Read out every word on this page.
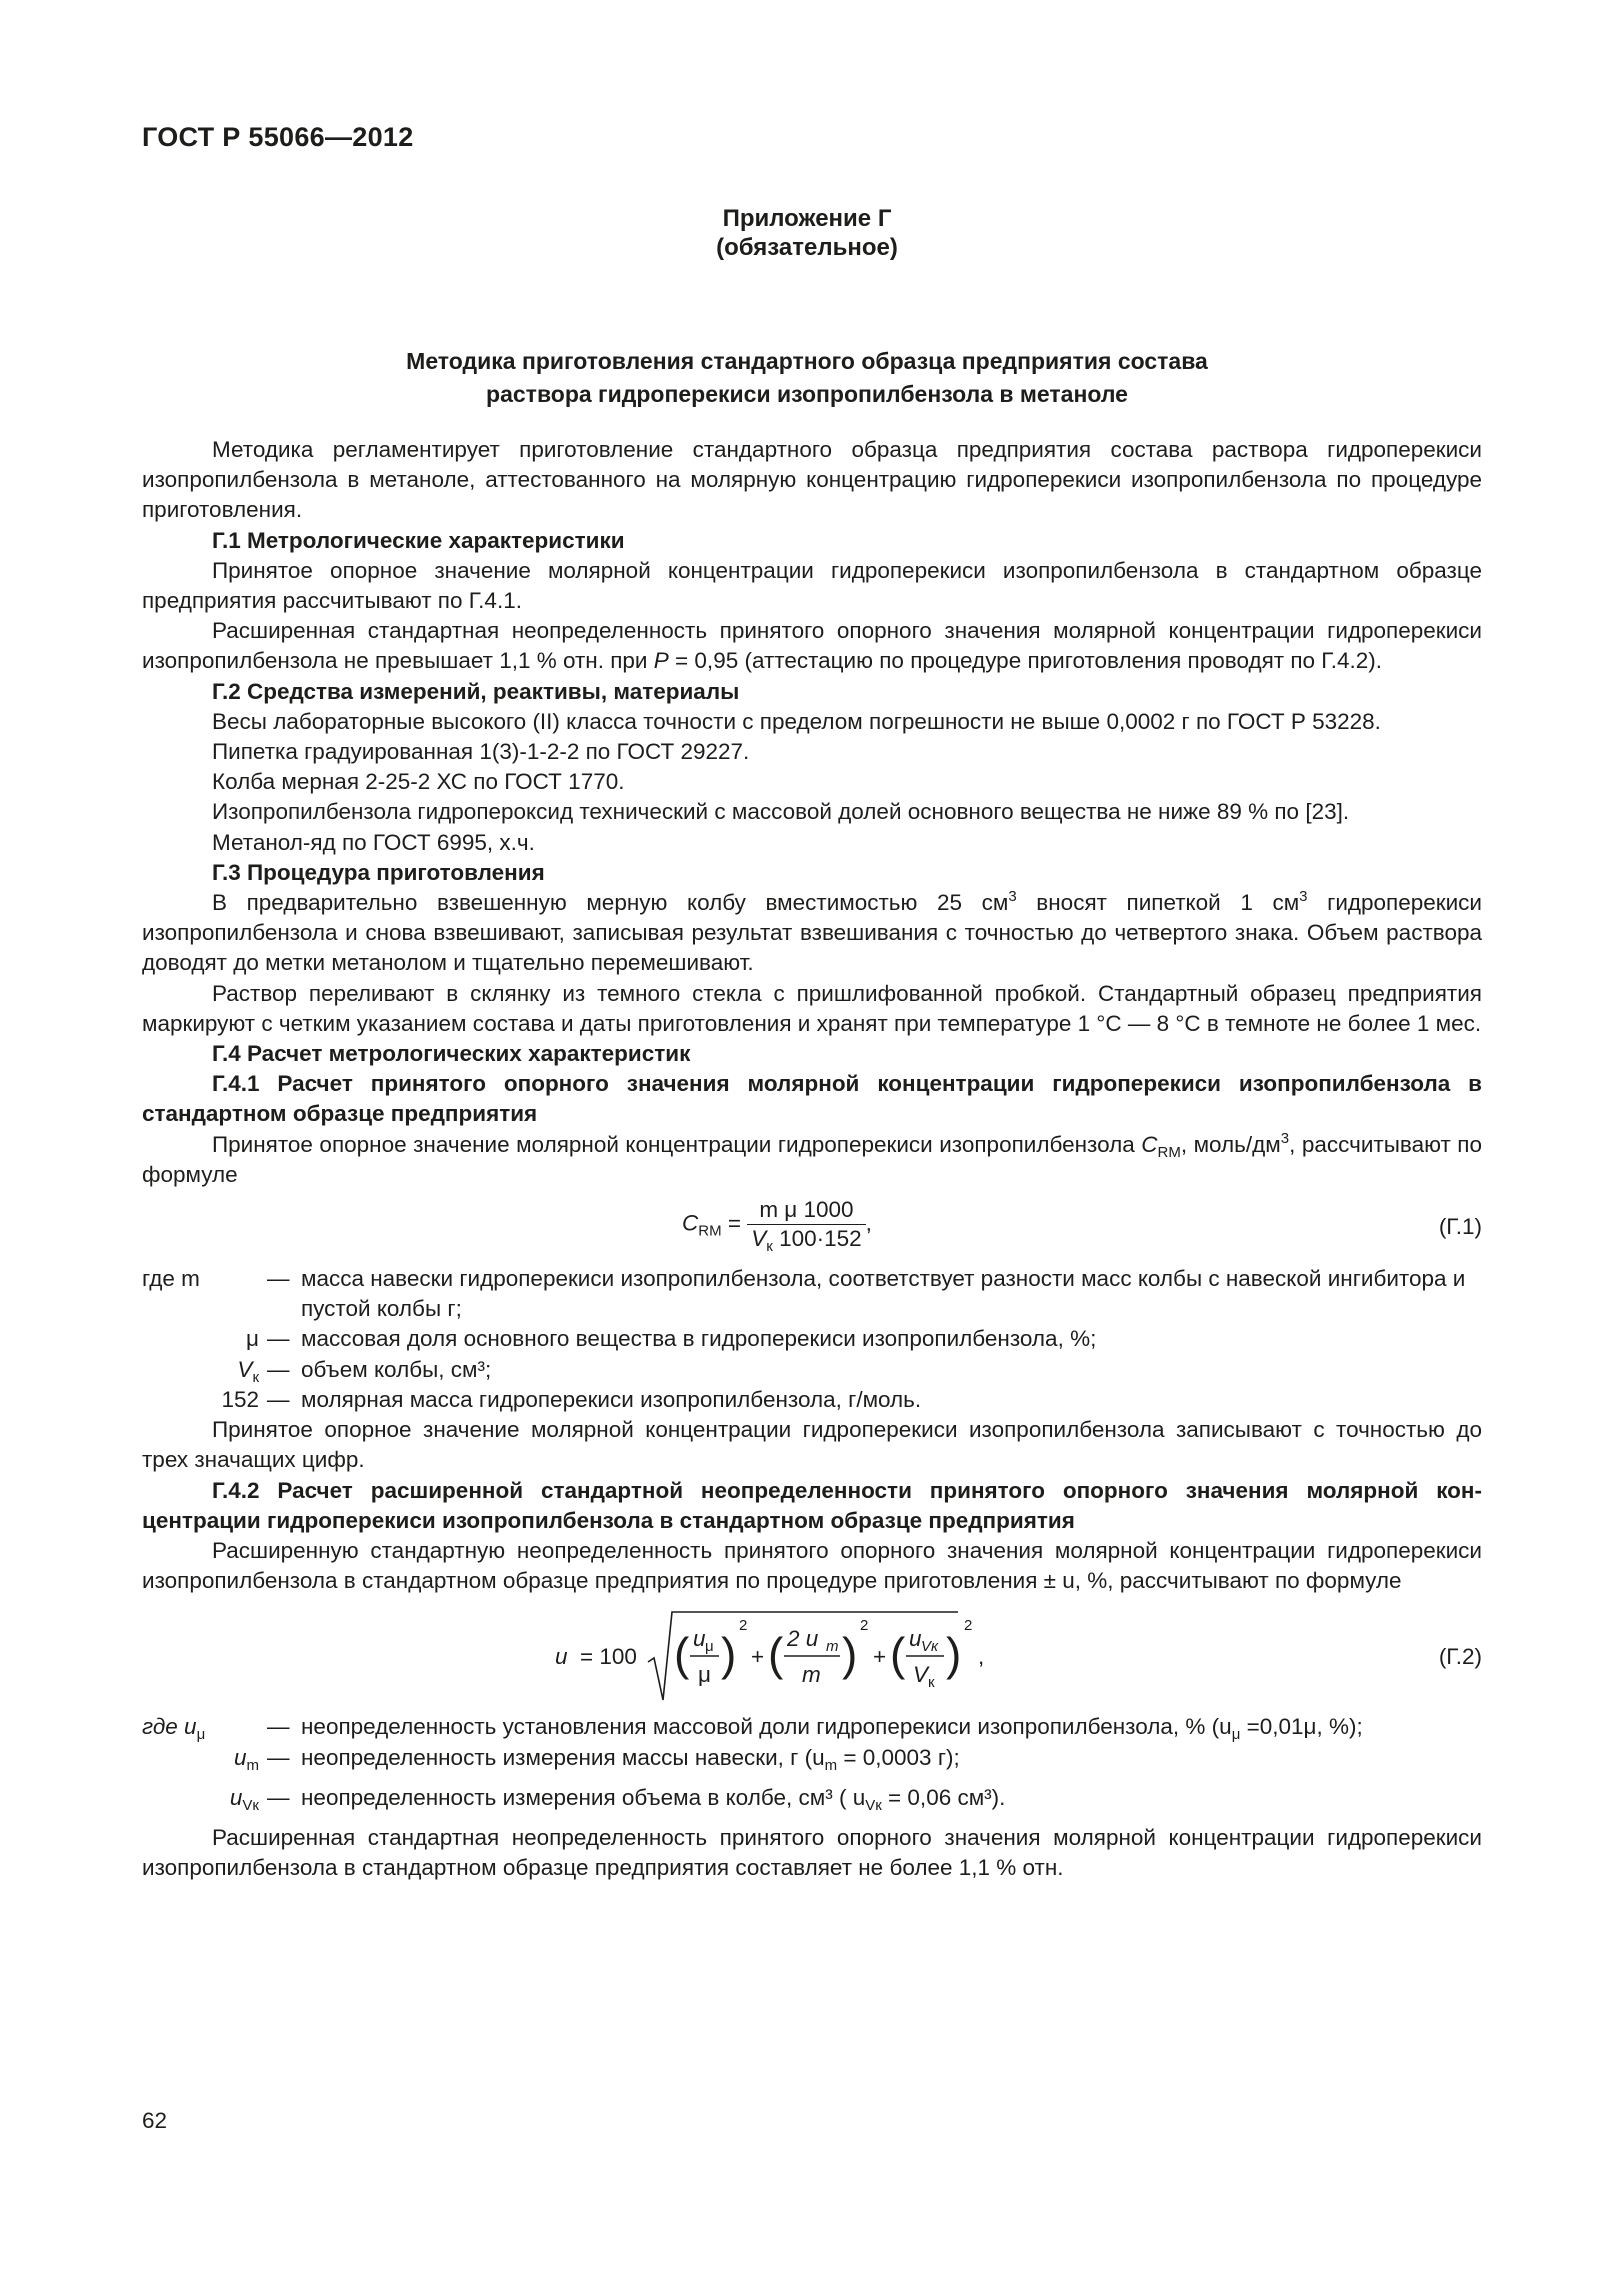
ГОСТ Р 55066—2012
Приложение Г
(обязательное)
Методика приготовления стандартного образца предприятия состава
раствора гидроперекиси изопропилбензола в метаноле

Методика регламентирует приготовление стандартного образца предприятия состава раствора гидроперекиси изопропилбензола в метаноле, аттестованного на молярную концентрацию гидроперекиси изопропилбензола по процедуре приготовления.

Г.1 Метрологические характеристики

Принятое опорное значение молярной концентрации гидроперекиси изопропилбензола в стандартном образце предприятия рассчитывают по Г.4.1.

Расширенная стандартная неопределенность принятого опорного значения молярной концентрации гидроперекиси изопропилбензола не превышает 1,1 % отн. при P = 0,95 (аттестацию по процедуре приготовления проводят по Г.4.2).

Г.2 Средства измерений, реактивы, материалы

Весы лабораторные высокого (II) класса точности с пределом погрешности не выше 0,0002 г по ГОСТ Р 53228.

Пипетка градуированная 1(3)-1-2-2 по ГОСТ 29227.

Колба мерная 2-25-2 ХС по ГОСТ 1770.

Изопропилбензола гидропероксид технический с массовой долей основного вещества не ниже 89 % по [23].

Метанол-яд по ГОСТ 6995, х.ч.

Г.3 Процедура приготовления

В предварительно взвешенную мерную колбу вместимостью 25 $см^3$ вносят пипеткой 1 $см^3$ гидроперекиси изопропилбензола и снова взвешивают, записывая результат взвешивания с точностью до четвертого знака. Объем раствора доводят до метки метанолом и тщательно перемешивают.

Раствор переливают в склянку из темного стекла с пришлифованной пробкой. Стандартный образец предприятия маркируют с четким указанием состава и даты приготовления и хранят при температуре 1 °С — 8 °С в темноте не более 1 мес.

Г.4 Расчет метрологических характеристик

Г.4.1 Расчет принятого опорного значения молярной концентрации гидроперекиси изопропилбензола в стандартном образце предприятия

Принятое опорное значение молярной концентрации гидроперекиси изопропилбензола $C_{RM}$, моль/$дм^3$, рассчитывают по формуле

$C_{RM} = \frac{\text{m μ 1000}}{V_к 100\cdot 152}$ ,	(Г.1)
где m	— масса навески гидроперекиси изопропилбензола, соответствует разности масс колбы с навеской ингибитора и пустой колбы г;
μ — массовая доля основного вещества в гидроперекиси изопропилбензола, %;
$V_к$ — объем колбы, см³;
152 — молярная масса гидроперекиси изопропилбензола, г/моль.

Принятое опорное значение молярной концентрации гидроперекиси изопропилбензола записывают с точностью до трех значащих цифр.

Г.4.2 Расчет расширенной стандартной неопределенности принятого опорного значения молярной концентрации гидроперекиси изопропилбензола в стандартном образце предприятия

Расширенную стандартную неопределенность принятого опорного значения молярной концентрации гидроперекиси изопропилбензола в стандартном образце предприятия по процедуре приготовления ± u, %, рассчитывают по формуле

u = 100 ( u μ
μ )
2
+ ( 2 u m
m )
2
+ ( u Vк
V к
)
2
,	(Г.2)
где $u_\mu$	— неопределенность установления массовой доли гидроперекиси изопропилбензола, % ($u_\mu =0,01\mu$, %);
$u_m$ — неопределенность измерения массы навески, г ($u_m = 0,0003$ г);
$u_{Vк}$ — неопределенность измерения объема в колбе, см³ ( $u_{Vк} = 0,06$ см³).

Расширенная стандартная неопределенность принятого опорного значения молярной концентрации гидроперекиси изопропилбензола в стандартном образце предприятия составляет не более 1,1 % отн.

62
